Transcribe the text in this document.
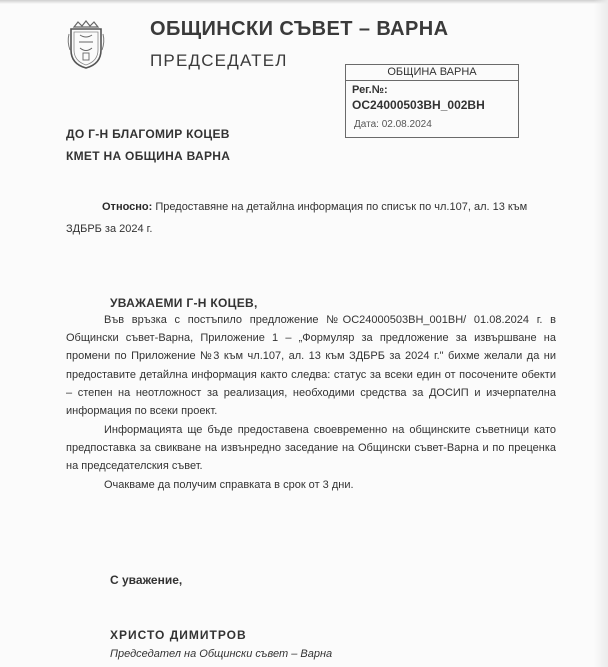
ОБЩИНСКИ СЪВЕТ – ВАРНА
ПРЕДСЕДАТЕЛ
ОБЩИНА ВАРНА
Рег.№:
ОС24000503ВН_002ВН
Дата: 02.08.2024
ДО Г-Н БЛАГОМИР КОЦЕВ
КМЕТ НА ОБЩИНА ВАРНА

Относно: Предоставяне на детайлна информация по списък по чл.107, ал. 13 към ЗДБРБ за 2024 г.

УВАЖАЕМИ Г-Н КОЦЕВ,

Във връзка с постъпило предложение №ОС24000503ВН_001ВН/ 01.08.2024 г. в Общински съвет-Варна, Приложение 1 – „Формуляр за предложение за извършване на промени по Приложение №3 към чл.107, ал. 13 към ЗДБРБ за 2024 г." бихме желали да ни предоставите детайлна информация както следва: статус за всеки един от посочените обекти – степен на неотложност за реализация, необходими средства за ДОСИП и изчерпателна информация по всеки проект.

Информацията ще бъде предоставена своевременно на общинските съветници като предпоставка за свикване на извънредно заседание на Общински съвет-Варна и по преценка на председателския съвет.

Очакваме да получим справката в срок от 3 дни.

С уважение,
ХРИСТО ДИМИТРОВ
Председател на Общински съвет – Варна
